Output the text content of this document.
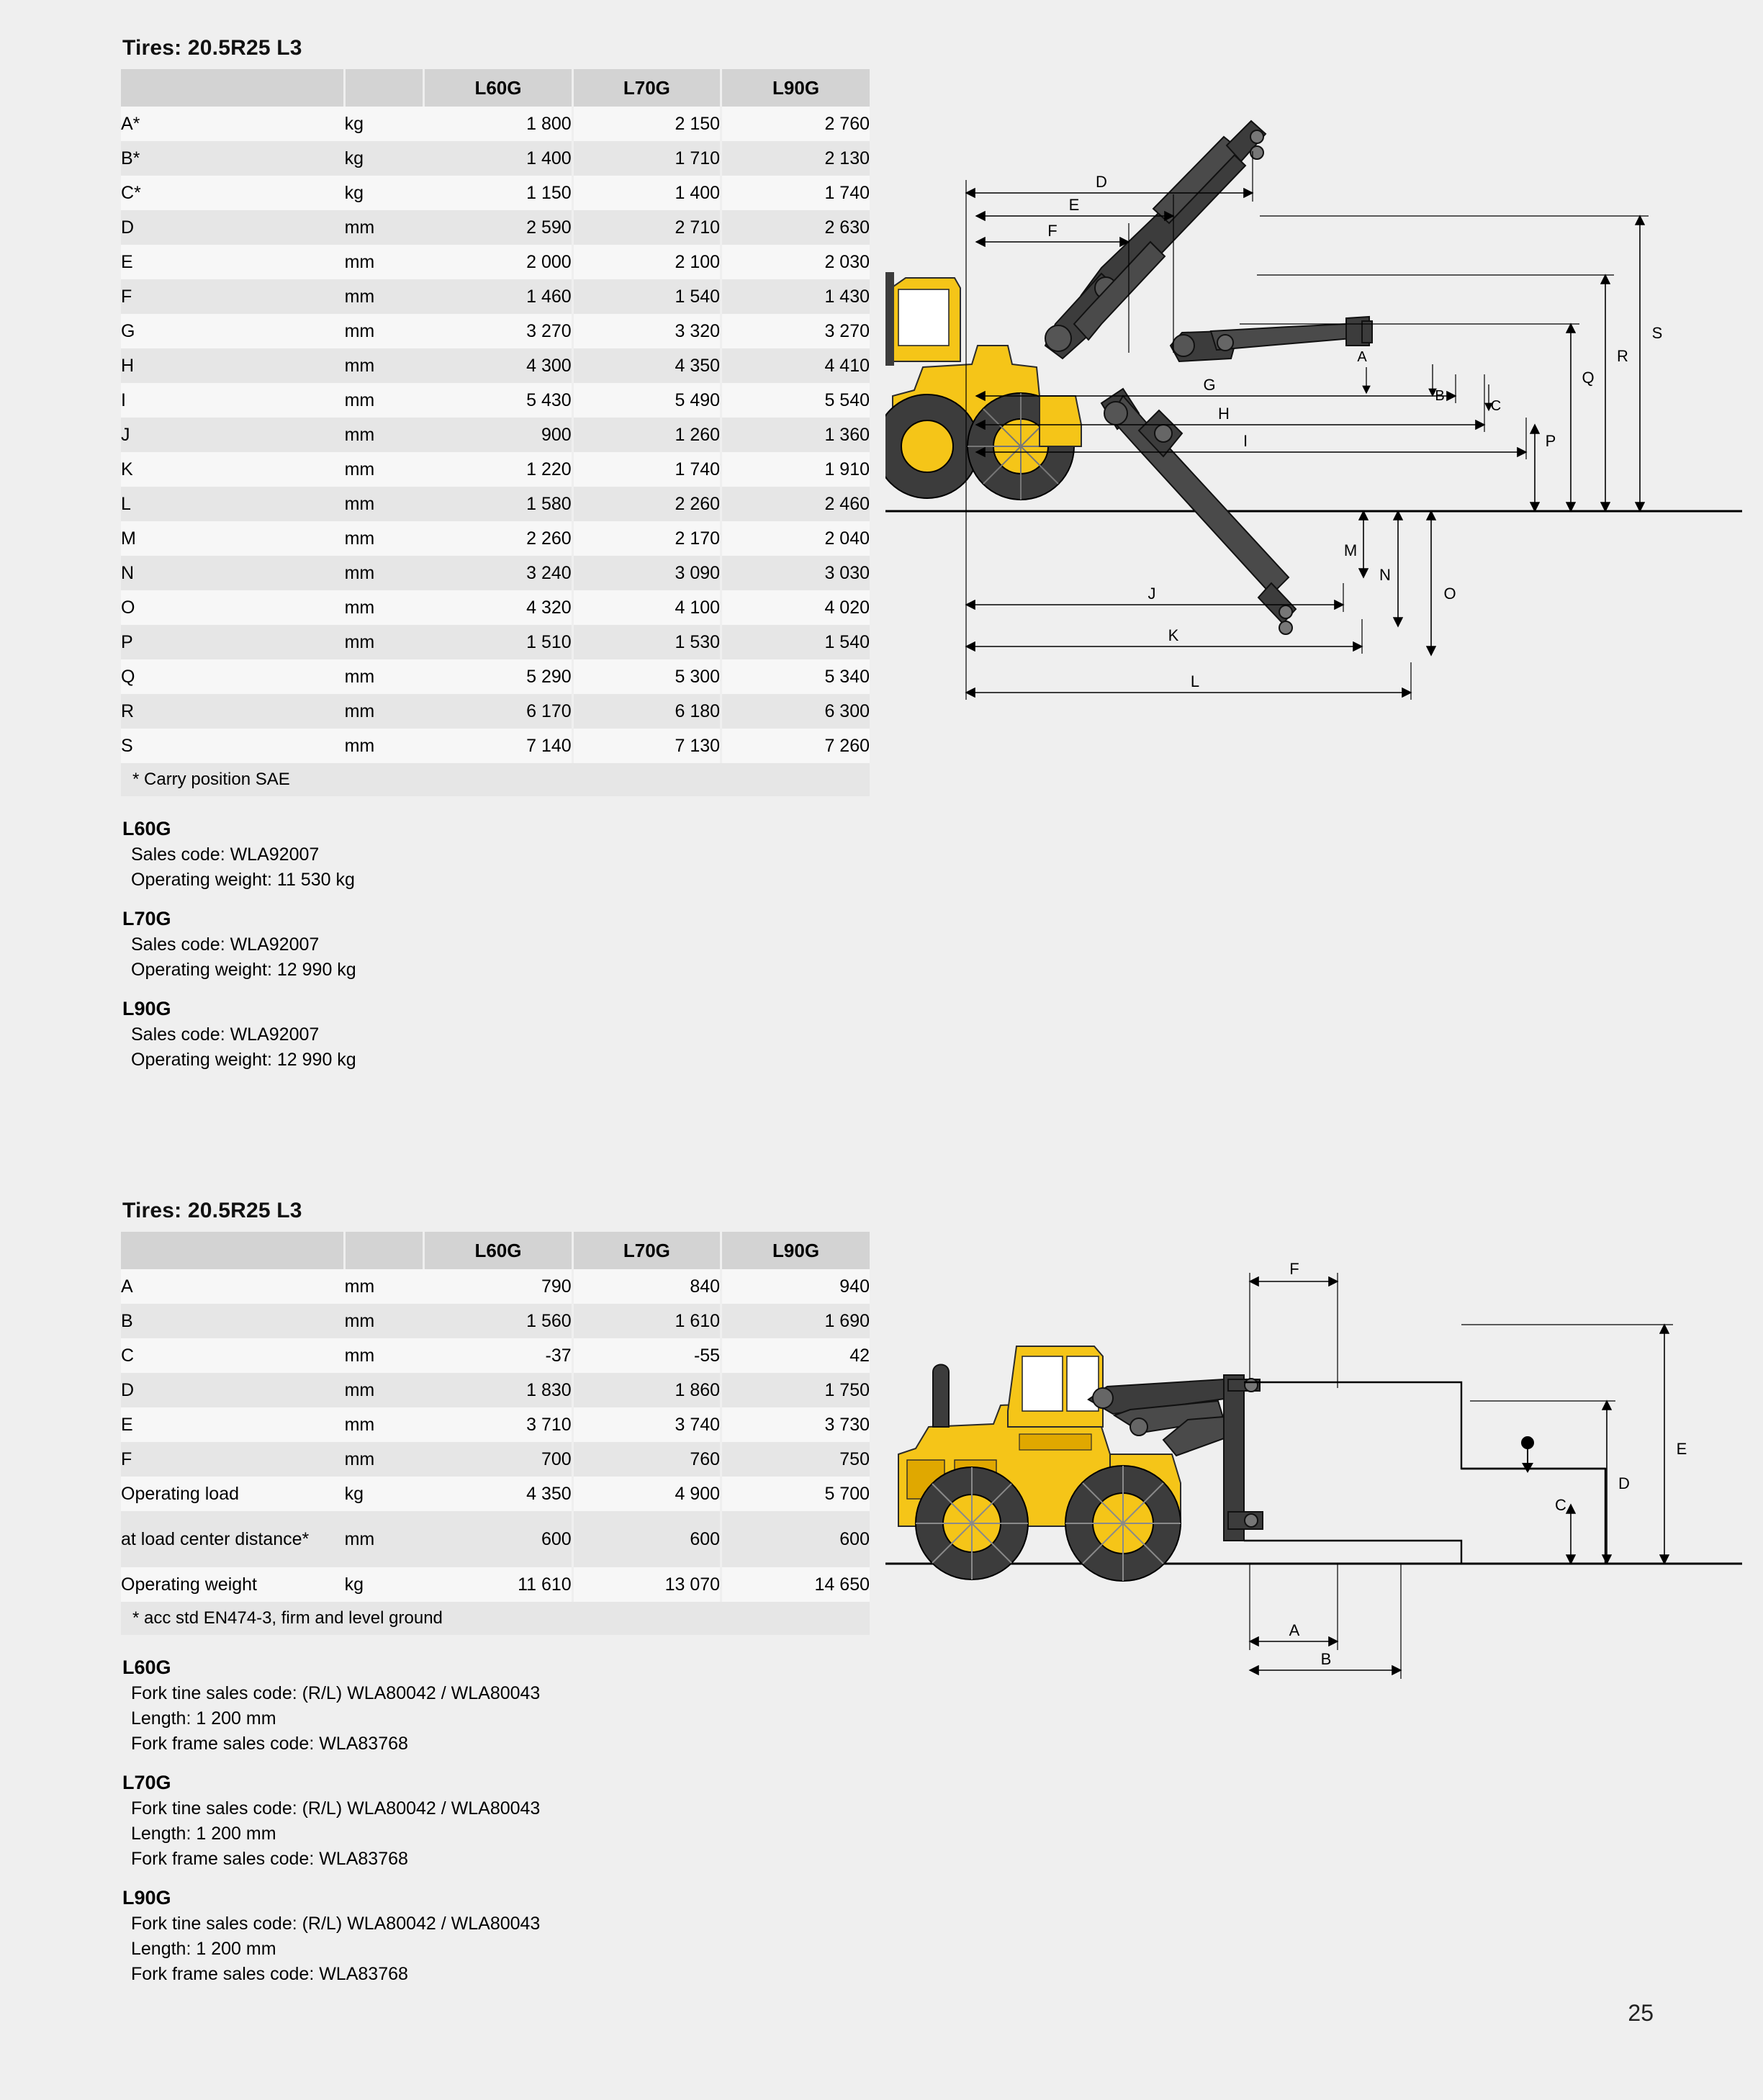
Tires: 20.5R25 L3
		L60G	L70G	L90G
A*	kg	1 800	2 150	2 760
B*	kg	1 400	1 710	2 130
C*	kg	1 150	1 400	1 740
D	mm	2 590	2 710	2 630
E	mm	2 000	2 100	2 030
F	mm	1 460	1 540	1 430
G	mm	3 270	3 320	3 270
H	mm	4 300	4 350	4 410
I	mm	5 430	5 490	5 540
J	mm	900	1 260	1 360
K	mm	1 220	1 740	1 910
L	mm	1 580	2 260	2 460
M	mm	2 260	2 170	2 040
N	mm	3 240	3 090	3 030
O	mm	4 320	4 100	4 020
P	mm	1 510	1 530	1 540
Q	mm	5 290	5 300	5 340
R	mm	6 170	6 180	6 300
S	mm	7 140	7 130	7 260
* Carry position SAE				
L60G
Sales code: WLA92007
Operating weight: 11 530 kg
L70G
Sales code: WLA92007
Operating weight: 12 990 kg
L90G
Sales code: WLA92007
Operating weight: 12 990 kg
Tires: 20.5R25 L3
		L60G	L70G	L90G
A	mm	790	840	940
B	mm	1 560	1 610	1 690
C	mm	-37	-55	42
D	mm	1 830	1 860	1 750
E	mm	3 710	3 740	3 730
F	mm	700	760	750
Operating load	kg	4 350	4 900	5 700
at load center distance*	mm	600	600	600
Operating weight	kg	11 610	13 070	14 650
* acc std EN474-3, firm and level ground				
L60G
Fork tine sales code: (R/L) WLA80042 / WLA80043
Length: 1 200 mm
Fork frame sales code: WLA83768
L70G
Fork tine sales code: (R/L) WLA80042 / WLA80043
Length: 1 200 mm
Fork frame sales code: WLA83768
L90G
Fork tine sales code: (R/L) WLA80042 / WLA80043
Length: 1 200 mm
Fork frame sales code: WLA83768
D
E
F
S
R
Q
P
G
H
I
A
B
C
M
N
O
J
K
L
F
E
D
C
A
B
25
